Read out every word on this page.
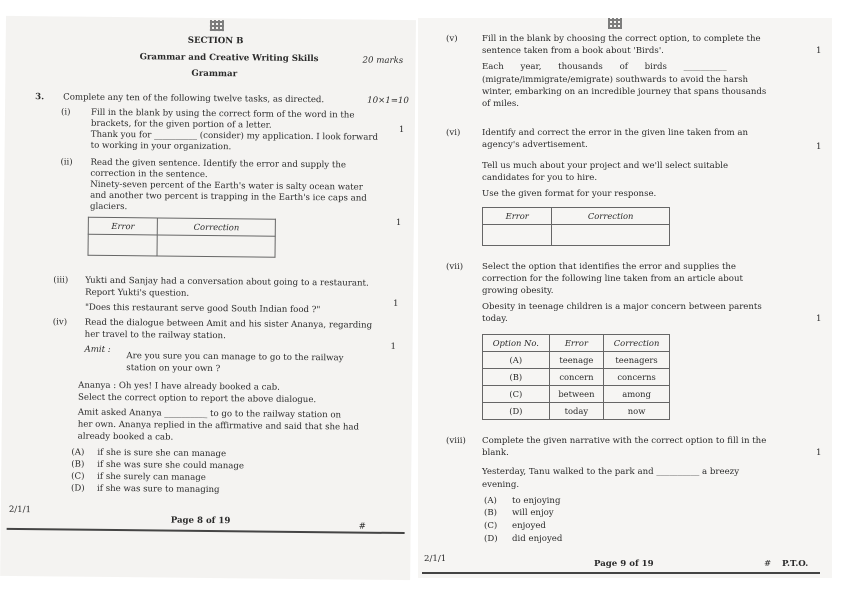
SECTION B
Grammar and Creative Writing Skills	20 marks
Grammar
3. Complete any ten of the following twelve tasks, as directed.	10×1=10
(i) Fill in the blank by using the correct form of the word in the
brackets, for the given portion of a letter.
Thank you for __________ (consider) my application. I look forward
to working in your organization.
1
(ii) Read the given sentence. Identify the error and supply the
correction in the sentence.
Ninety-seven percent of the Earth's water is salty ocean water
and another two percent is trapping in the Earth's ice caps and
glaciers.
1
Error	Correction

(iii) Yukti and Sanjay had a conversation about going to a restaurant.
Report Yukti's question.
"Does this restaurant serve good South Indian food ?"	1
(iv) Read the dialogue between Amit and his sister Ananya, regarding
her travel to the railway station.
1
Amit :
Are you sure you can manage to go to the railway
station on your own ?
Ananya : Oh yes! I have already booked a cab.
Select the correct option to report the above dialogue.
Amit asked Ananya __________ to go to the railway station on
her own. Ananya replied in the affirmative and said that she had
already booked a cab.
(A) if she is sure she can manage
(B) if she was sure she could manage
(C) if she surely can manage
(D) if she was sure to managing
2/1/1
Page 8 of 19
#
(v)	Fill in the blank by choosing the correct option, to complete the
sentence taken from a book about 'Birds'.
Each year, thousands of birds __________
(migrate/immigrate/emigrate) southwards to avoid the harsh
winter, embarking on an incredible journey that spans thousands
of miles.
1
(vi)	Identify and correct the error in the given line taken from an
agency's advertisement.
Tell us much about your project and we'll select suitable
candidates for you to hire.
Use the given format for your response.
1
Error	Correction

(vii) Select the option that identifies the error and supplies the
correction for the following line taken from an article about
growing obesity.
Obesity in teenage children is a major concern between parents
today.	1
Option No.	Error	Correction
(A)	teenage	teenagers
(B)	concern	concerns
(C)	between	among
(D)	today	now
(viii) Complete the given narrative with the correct option to fill in the
blank.
Yesterday, Tanu walked to the park and __________ a breezy
evening.
1
(A) to enjoying
(B) will enjoy
(C) enjoyed
(D) did enjoyed
2/1/1	Page 9 of 19	# P.T.O.
